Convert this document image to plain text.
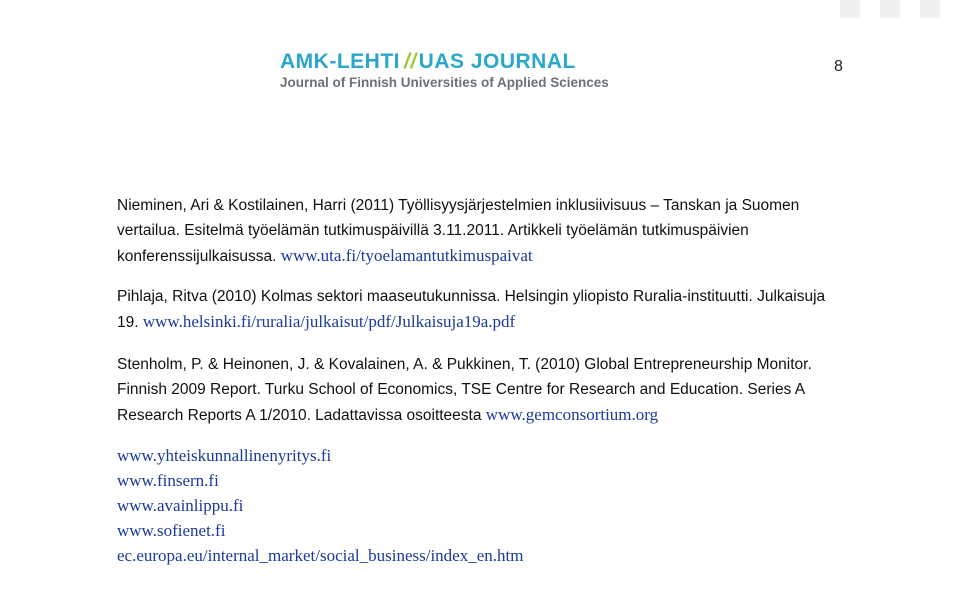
AMK-LEHTI // UAS JOURNAL
Journal of Finnish Universities of Applied Sciences
8

Nieminen, Ari & Kostilainen, Harri (2011) Työllisyysjärjestelmien inklusiivisuus – Tanskan ja Suomen vertailua. Esitelmä työelämän tutkimuspäivillä 3.11.2011. Artikkeli työelämän tutkimuspäivien konferenssijulkaisussa. www.uta.fi/tyoelamantutkimuspaivat

Pihlaja, Ritva (2010) Kolmas sektori maaseutukunnissa. Helsingin yliopisto Ruralia-instituutti. Julkaisuja 19. www.helsinki.fi/ruralia/julkaisut/pdf/Julkaisuja19a.pdf

Stenholm, P. & Heinonen, J. & Kovalainen, A. & Pukkinen, T. (2010) Global Entrepreneurship Monitor. Finnish 2009 Report. Turku School of Economics, TSE Centre for Research and Education. Series A Research Reports A 1/2010. Ladattavissa osoitteesta www.gemconsortium.org

www.yhteiskunnallinenyritys.fi
www.finsern.fi
www.avainlippu.fi
www.sofienet.fi
ec.europa.eu/internal_market/social_business/index_en.htm
